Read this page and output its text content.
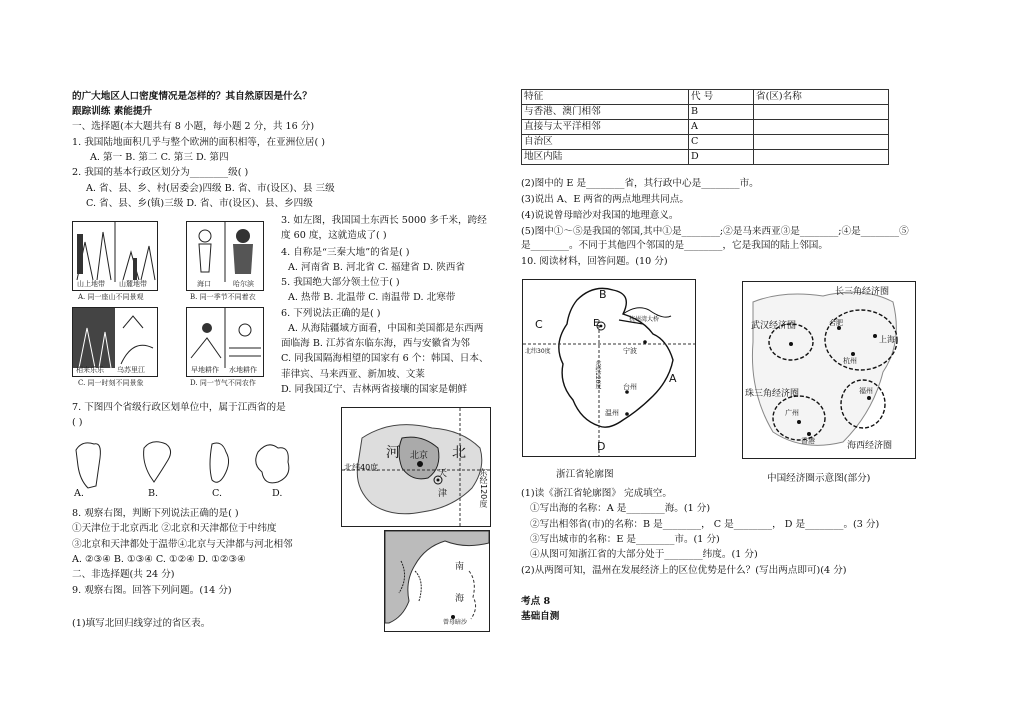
的广大地区人口密度情况是怎样的？其自然原因是什么？
跟踪训练 素能提升
一、选择题(本大题共有 8 小题，每小题 2 分，共 16 分)
1. 我国陆地面积几乎与整个欧洲的面积相等，在亚洲位居( )
A. 第一 B. 第二 C. 第三 D. 第四
2. 我国的基本行政区划分为________级( )
A. 省、县、乡、村(居委会)四级 B. 省、市(设区)、县 三级
C. 省、县、乡(镇)三级 D. 省、市(设区)、县、乡四级
山上地带 山麓地带
A. 同一座山不同景观
海口	哈尔滨
B. 同一季节不同着衣
相来乐乐 乌苏里江
C. 同一时刻不同景象
早地耕作 水地耕作
D. 同一节气不同农作
3. 如左图，我国国土东西长 5000 多千米，跨经
度 60 度，这就造成了( )
4. 自称是“三秦大地”的省是( )
A. 河南省 B. 河北省 C. 福建省 D. 陕西省
5. 我国绝大部分领土位于( )
A. 热带 B. 北温带 C. 南温带 D. 北寒带
6. 下列说法正确的是( )
A. 从海陆疆域方面看，中国和美国都是东西两
面临海 B. 江苏省东临东海，西与安徽省为邻
C. 同我国隔海相望的国家有 6 个：韩国、日本、
菲律宾、马来西亚、新加坡、文莱
D. 同我国辽宁、吉林两省接壤的国家是朝鲜
7. 下图四个省级行政区划单位中，属于江西省的是
( )
A.	B.	C.	D.
8. 观察右图，判断下列说法正确的是( )
①天津位于北京西北 ②北京和天津都位于中纬度
③北京和天津都处于温带④北京与天津都与河北相邻
A. ②③④ B. ①③④ C. ①②④ D. ①②③④
二、非选择题(共 24 分)
9. 观察右图。回答下列问题。(14 分)
(1)填写北回归线穿过的省区表。
河	北
北京
天
津
北纬40度
东经120度
南
海
曾母暗沙
特征	代 号	省(区)名称
与香港、澳门相邻	B	
直接与太平洋相邻	A	
自治区	C	
地区内陆	D	
(2)图中的 E 是________省，其行政中心是________市。
(3)说出 A、E 两省的两点地理共同点。
(4)说说曾母暗沙对我国的地理意义。
(5)图中①～⑤是我国的邻国,其中①是________;②是马来西亚③是________;④是________⑤
是________。不同于其他四个邻国的是________，它是我国的陆上邻国。
10. 阅读材料，回答问题。(10 分)
B
C	E
A
D
杭州湾大桥
宁波
北纬30度
台州
温州
东经120度
浙江省轮廓图
长三角经济圈
武汉经济圈	合肥
上海
杭州
珠三角经济圈	福州
广州
香港	海西经济圈
中国经济圈示意图(部分)
(1)读《浙江省轮廓图》 完成填空。
①写出海的名称：A 是________海。(1 分)
②写出相邻省(市)的名称：B 是________， C 是________， D 是________。(3 分)
③写出城市的名称：E 是________市。(1 分)
④从图可知浙江省的大部分处于________纬度。(1 分)
(2)从两图可知，温州在发展经济上的区位优势是什么？(写出两点即可)(4 分)
考点 8
基础自测
